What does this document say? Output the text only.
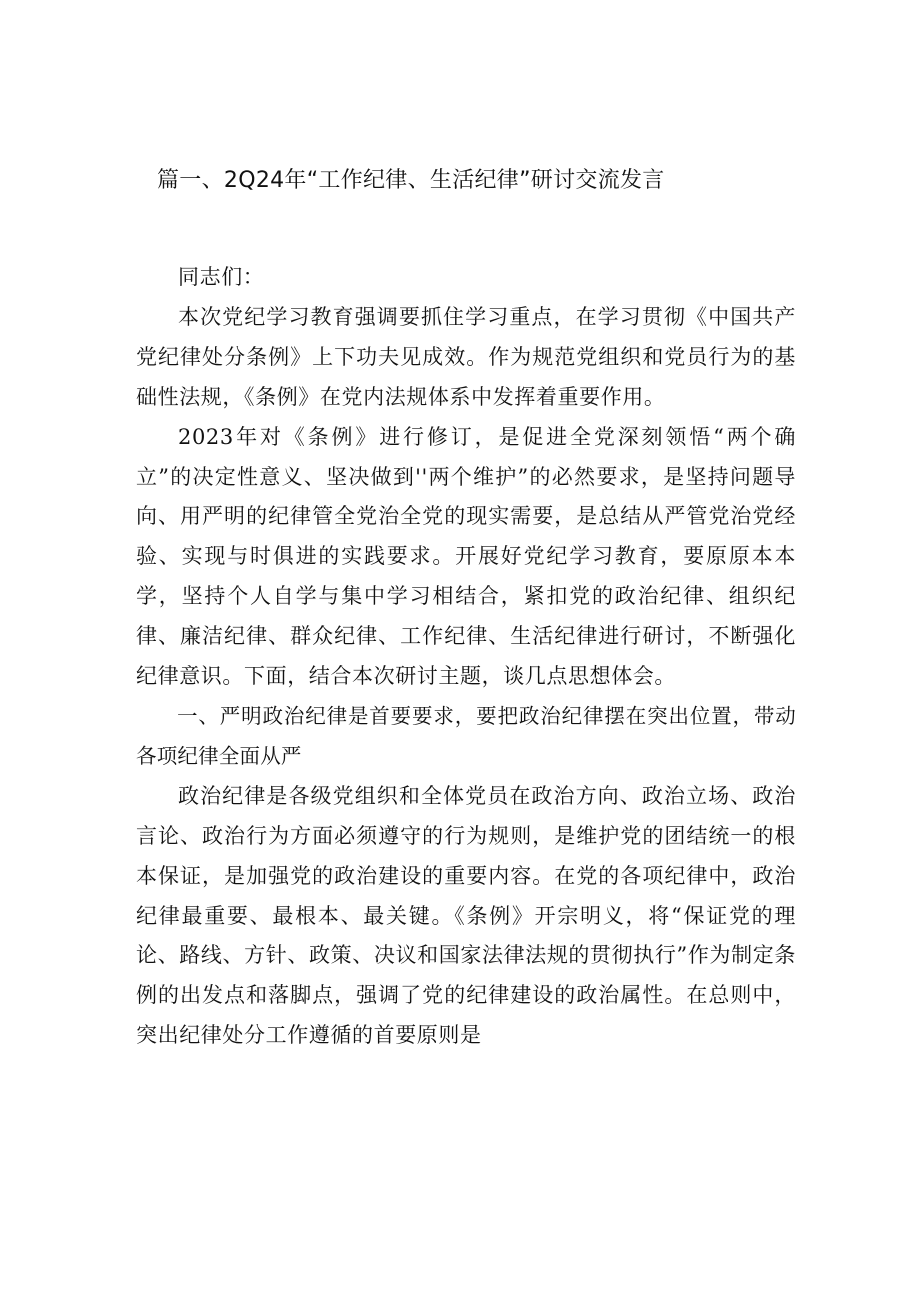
篇一、2Q24年“工作纪律、生活纪律”研讨交流发言

同志们：

本次党纪学习教育强调要抓住学习重点，在学习贯彻《中国共产党纪律处分条例》上下功夫见成效。作为规范党组织和党员行为的基础性法规，《条例》在党内法规体系中发挥着重要作用。

2023年对《条例》进行修订，是促进全党深刻领悟“两个确立”的决定性意义、坚决做到''两个维护”的必然要求，是坚持问题导向、用严明的纪律管全党治全党的现实需要，是总结从严管党治党经验、实现与时俱进的实践要求。开展好党纪学习教育，要原原本本学，坚持个人自学与集中学习相结合，紧扣党的政治纪律、组织纪律、廉洁纪律、群众纪律、工作纪律、生活纪律进行研讨，不断强化纪律意识。下面，结合本次研讨主题，谈几点思想体会。

一、严明政治纪律是首要要求，要把政治纪律摆在突出位置，带动各项纪律全面从严

政治纪律是各级党组织和全体党员在政治方向、政治立场、政治言论、政治行为方面必须遵守的行为规则，是维护党的团结统一的根本保证，是加强党的政治建设的重要内容。在党的各项纪律中，政治纪律最重要、最根本、最关键。《条例》开宗明义，将“保证党的理论、路线、方针、政策、决议和国家法律法规的贯彻执行”作为制定条例的出发点和落脚点，强调了党的纪律建设的政治属性。在总则中，突出纪律处分工作遵循的首要原则是
